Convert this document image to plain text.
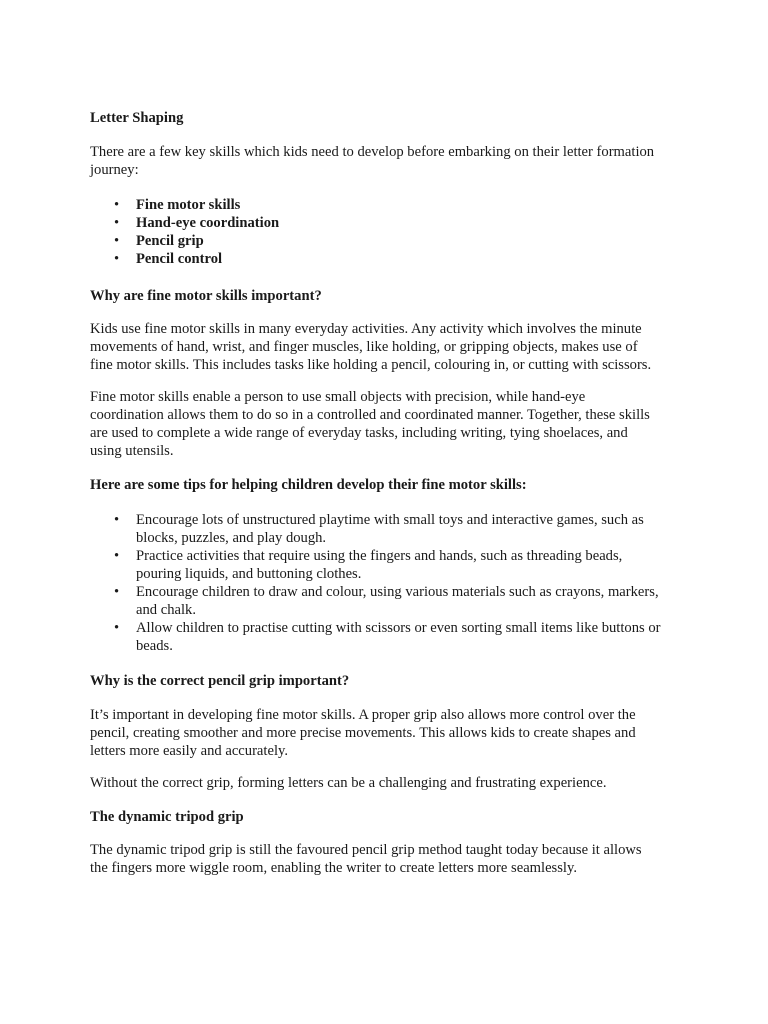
Letter Shaping
There are a few key skills which kids need to develop before embarking on their letter formation
journey:
• Fine motor skills
• Hand-eye coordination
• Pencil grip
• Pencil control
Why are fine motor skills important?
Kids use fine motor skills in many everyday activities. Any activity which involves the minute
movements of hand, wrist, and finger muscles, like holding, or gripping objects, makes use of
fine motor skills. This includes tasks like holding a pencil, colouring in, or cutting with scissors.
Fine motor skills enable a person to use small objects with precision, while hand-eye
coordination allows them to do so in a controlled and coordinated manner. Together, these skills
are used to complete a wide range of everyday tasks, including writing, tying shoelaces, and
using utensils.
Here are some tips for helping children develop their fine motor skills:
• Encourage lots of unstructured playtime with small toys and interactive games, such as
blocks, puzzles, and play dough.
• Practice activities that require using the fingers and hands, such as threading beads,
pouring liquids, and buttoning clothes.
• Encourage children to draw and colour, using various materials such as crayons, markers,
and chalk.
• Allow children to practise cutting with scissors or even sorting small items like buttons or
beads.
Why is the correct pencil grip important?
It’s important in developing fine motor skills. A proper grip also allows more control over the
pencil, creating smoother and more precise movements. This allows kids to create shapes and
letters more easily and accurately.
Without the correct grip, forming letters can be a challenging and frustrating experience.
The dynamic tripod grip
The dynamic tripod grip is still the favoured pencil grip method taught today because it allows
the fingers more wiggle room, enabling the writer to create letters more seamlessly.
